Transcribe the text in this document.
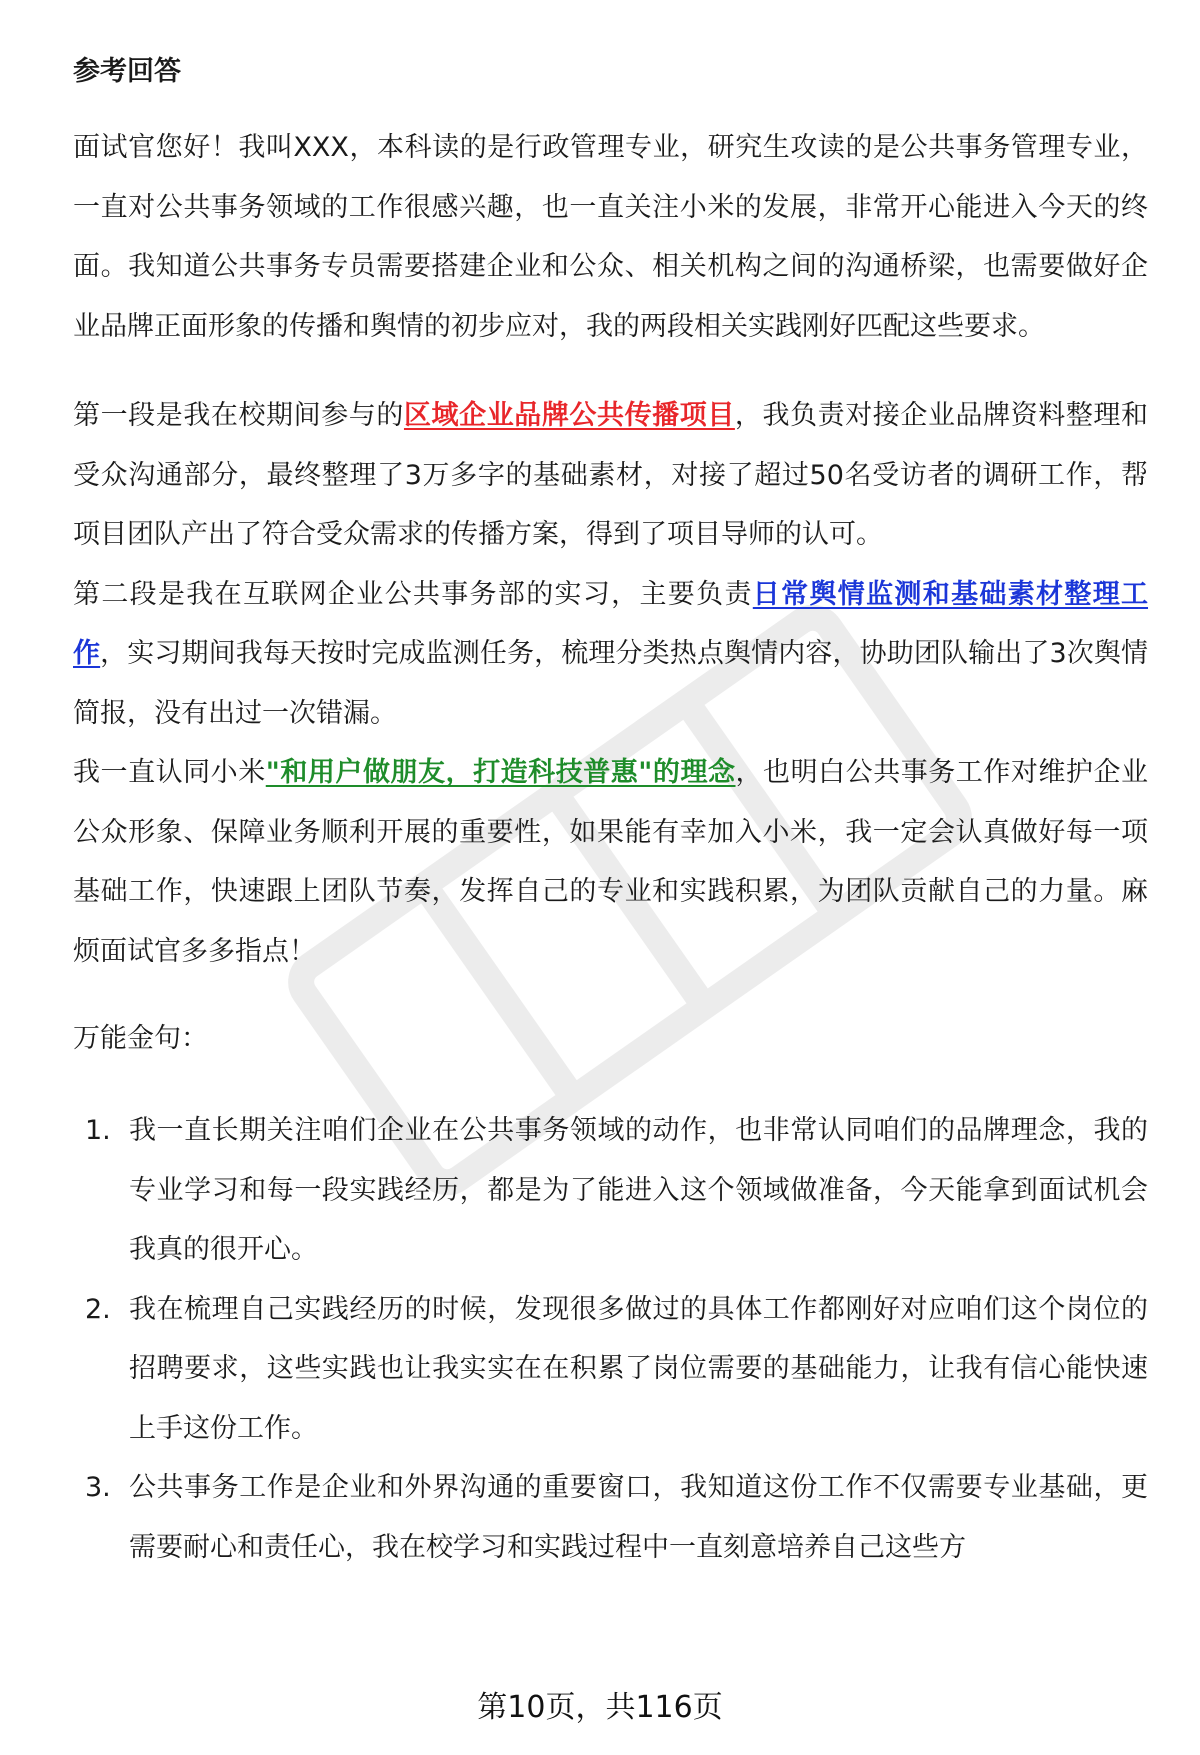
参考回答

面试官您好！我叫XXX，本科读的是行政管理专业，研究生攻读的是公共事务管理专业，一直对公共事务领域的工作很感兴趣，也一直关注小米的发展，非常开心能进入今天的终面。我知道公共事务专员需要搭建企业和公众、相关机构之间的沟通桥梁，也需要做好企业品牌正面形象的传播和舆情的初步应对，我的两段相关实践刚好匹配这些要求。

第一段是我在校期间参与的区域企业品牌公共传播项目，我负责对接企业品牌资料整理和受众沟通部分，最终整理了3万多字的基础素材，对接了超过50名受访者的调研工作，帮项目团队产出了符合受众需求的传播方案，得到了项目导师的认可。

第二段是我在互联网企业公共事务部的实习，主要负责日常舆情监测和基础素材整理工作，实习期间我每天按时完成监测任务，梳理分类热点舆情内容，协助团队输出了3次舆情简报，没有出过一次错漏。

我一直认同小米"和用户做朋友，打造科技普惠"的理念，也明白公共事务工作对维护企业公众形象、保障业务顺利开展的重要性，如果能有幸加入小米，我一定会认真做好每一项基础工作，快速跟上团队节奏，发挥自己的专业和实践积累，为团队贡献自己的力量。麻烦面试官多多指点！

万能金句：
1. 我一直长期关注咱们企业在公共事务领域的动作，也非常认同咱们的品牌理念，我的专业学习和每一段实践经历，都是为了能进入这个领域做准备，今天能拿到面试机会我真的很开心。
2. 我在梳理自己实践经历的时候，发现很多做过的具体工作都刚好对应咱们这个岗位的招聘要求，这些实践也让我实实在在积累了岗位需要的基础能力，让我有信心能快速上手这份工作。
3. 公共事务工作是企业和外界沟通的重要窗口，我知道这份工作不仅需要专业基础，更需要耐心和责任心，我在校学习和实践过程中一直刻意培养自己这些方
第10页，共116页
